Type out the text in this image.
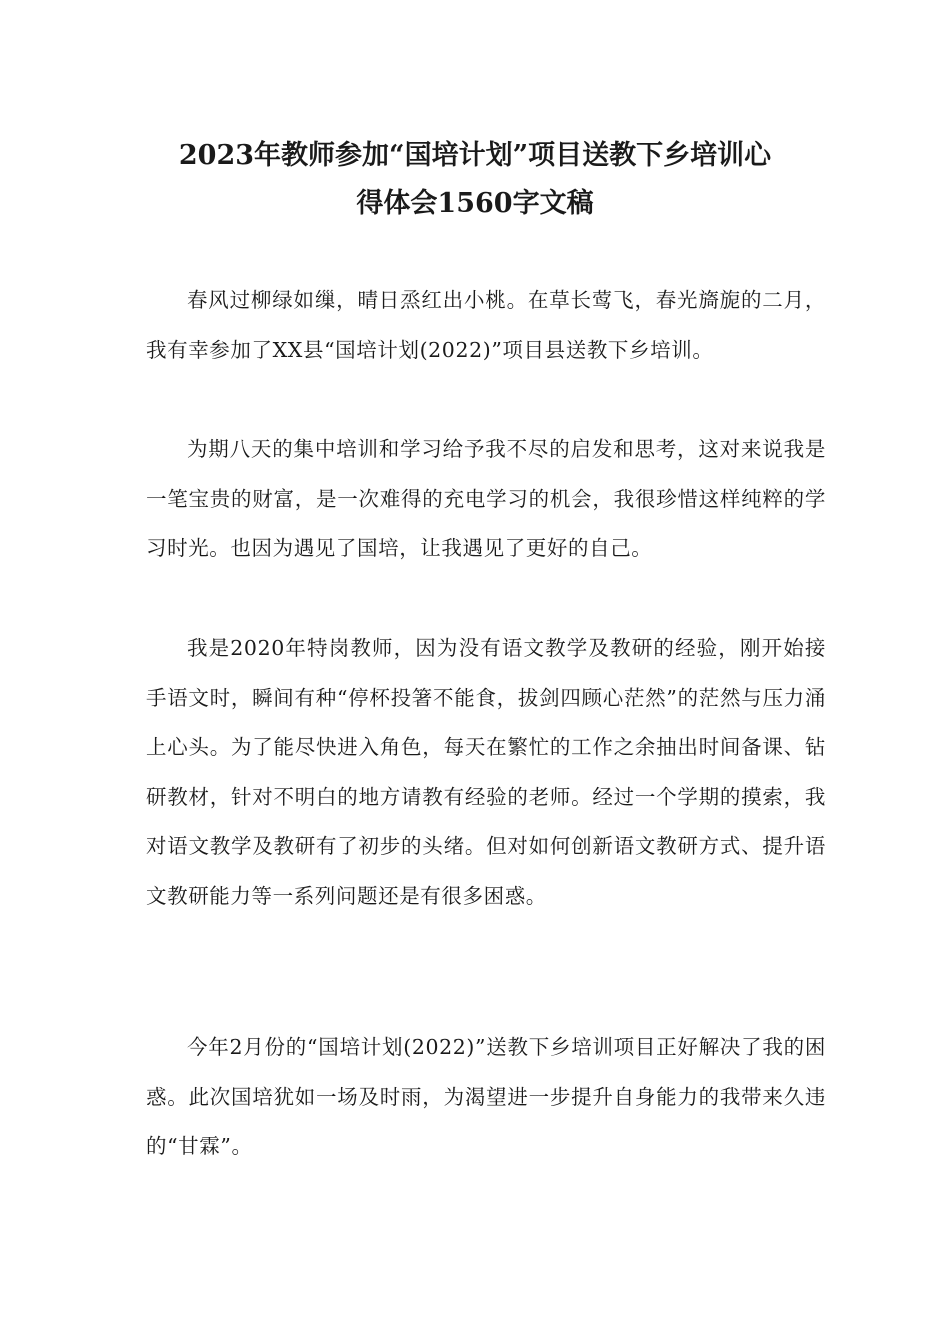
2023年教师参加“国培计划”项目送教下乡培训心
得体会1560字文稿

春风过柳绿如缫，晴日烝红出小桃。在草长莺飞，春光旖旎的二月，我有幸参加了XX县“国培计划(2022)”项目县送教下乡培训。

为期八天的集中培训和学习给予我不尽的启发和思考，这对来说我是一笔宝贵的财富，是一次难得的充电学习的机会，我很珍惜这样纯粹的学习时光。也因为遇见了国培，让我遇见了更好的自己。

我是2020年特岗教师，因为没有语文教学及教研的经验，刚开始接手语文时，瞬间有种“停杯投箸不能食，拔剑四顾心茫然”的茫然与压力涌上心头。为了能尽快进入角色，每天在繁忙的工作之余抽出时间备课、钻研教材，针对不明白的地方请教有经验的老师。经过一个学期的摸索，我对语文教学及教研有了初步的头绪。但对如何创新语文教研方式、提升语文教研能力等一系列问题还是有很多困惑。

今年2月份的“国培计划(2022)”送教下乡培训项目正好解决了我的困惑。此次国培犹如一场及时雨，为渴望进一步提升自身能力的我带来久违的“甘霖”。
